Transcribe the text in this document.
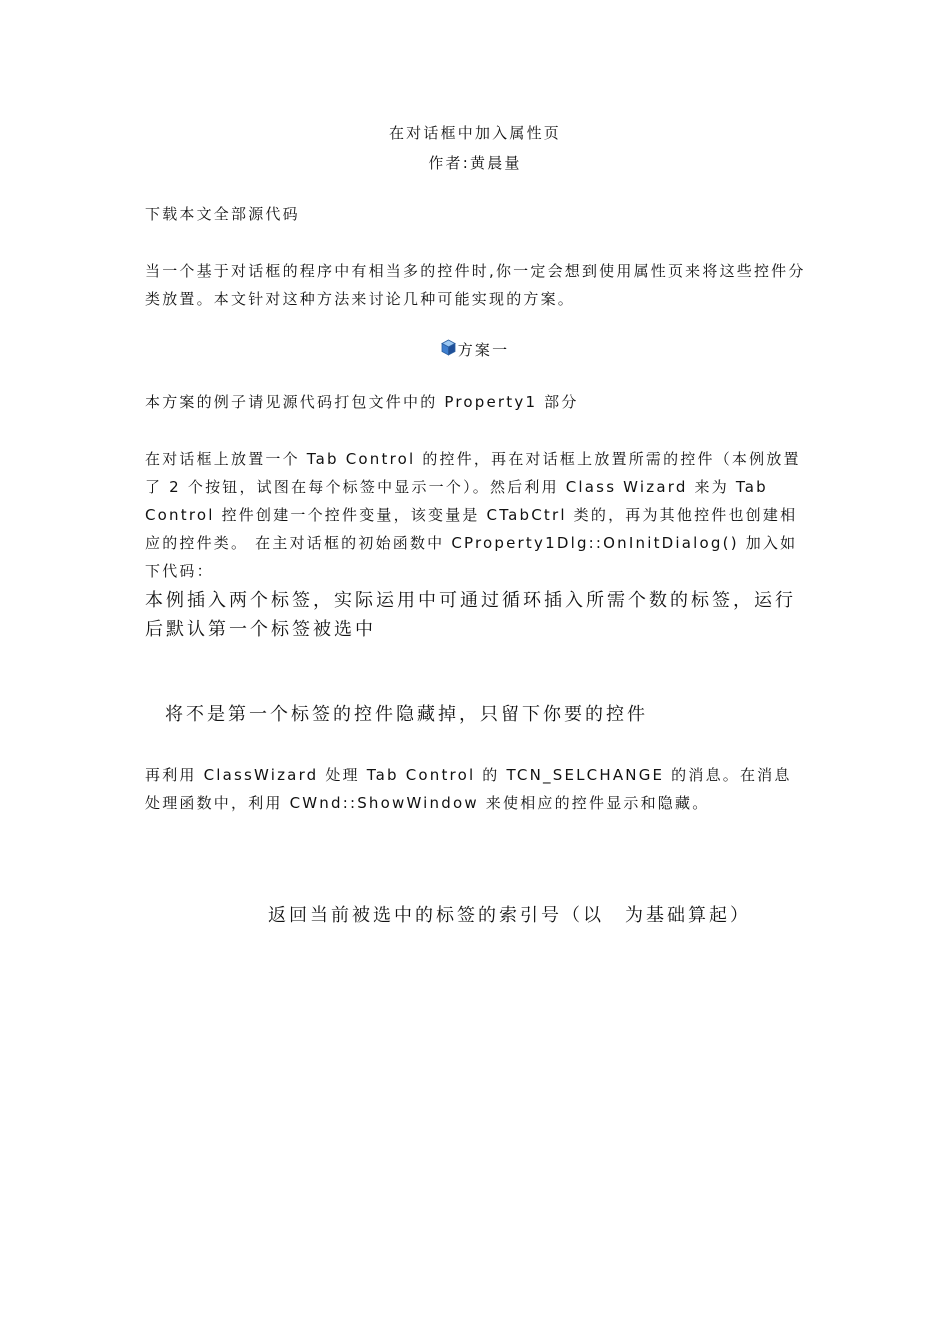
在对话框中加入属性页

作者:黄晨量

下载本文全部源代码

当一个基于对话框的程序中有相当多的控件时,你一定会想到使用属性页来将这些控件分类放置。本文针对这种方法来讨论几种可能实现的方案。

方案一

本方案的例子请见源代码打包文件中的 Property1 部分

在对话框上放置一个 Tab Control 的控件，再在对话框上放置所需的控件（本例放置了 2 个按钮，试图在每个标签中显示一个）。然后利用 Class Wizard 来为 Tab Control 控件创建一个控件变量，该变量是 CTabCtrl 类的，再为其他控件也创建相应的控件类。 在主对话框的初始函数中 CProperty1Dlg::OnInitDialog() 加入如下代码：

本例插入两个标签，实际运用中可通过循环插入所需个数的标签，运行后默认第一个标签被选中

将不是第一个标签的控件隐藏掉，只留下你要的控件

再利用 ClassWizard 处理 Tab Control 的 TCN_SELCHANGE 的消息。在消息处理函数中，利用 CWnd::ShowWindow 来使相应的控件显示和隐藏。

返回当前被选中的标签的索引号（以　为基础算起）
